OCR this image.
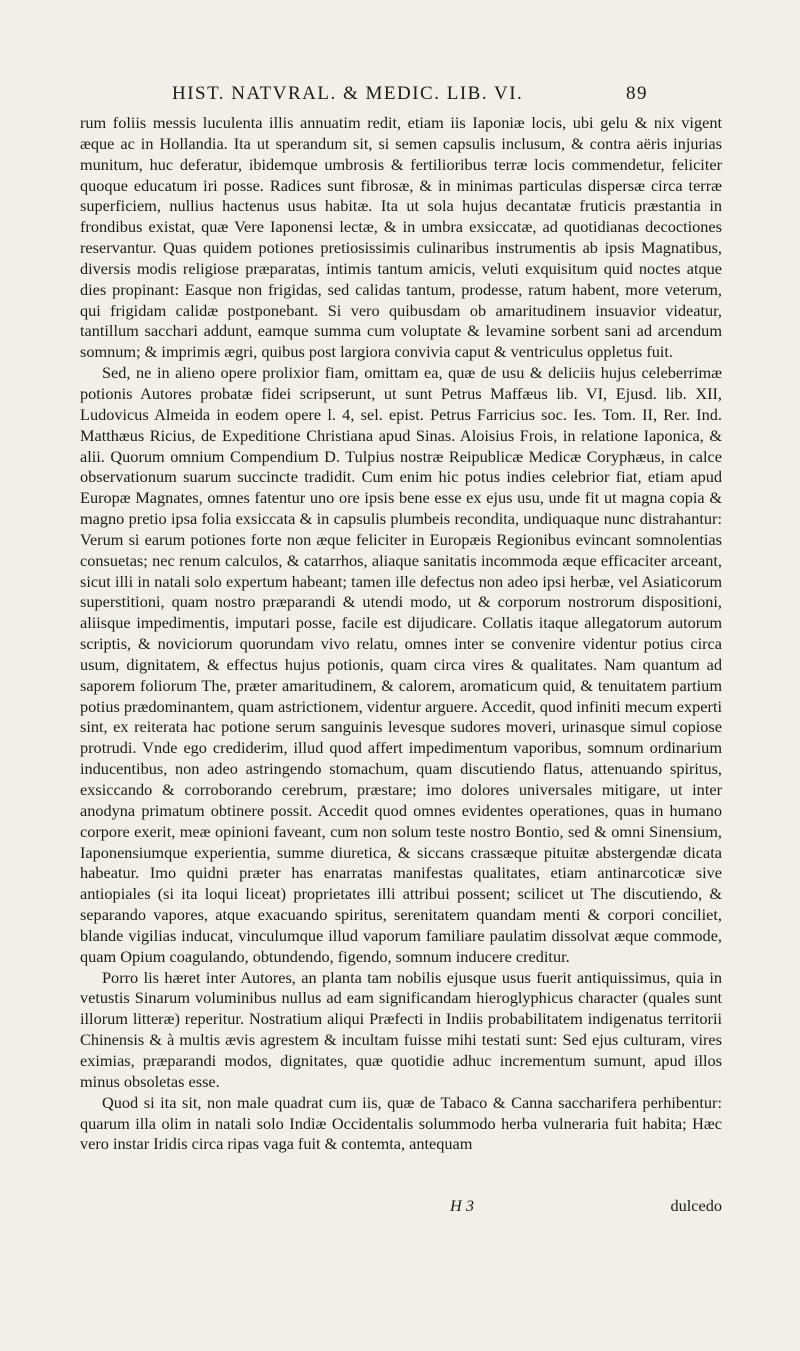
HIST. NATVRAL. & MEDIC. LIB. VI.	89

rum foliis messis luculenta illis annuatim redit, etiam iis Iaponiæ locis, ubi gelu & nix vigent æque ac in Hollandia. Ita ut sperandum sit, si semen capsulis inclusum, & contra aëris injurias munitum, huc deferatur, ibidemque umbrosis & fertilioribus terræ locis commendetur, feliciter quoque educatum iri posse. Radices sunt fibrosæ, & in minimas particulas dispersæ circa terræ superficiem, nullius hactenus usus habitæ. Ita ut sola hujus decantatæ fruticis præstantia in frondibus existat, quæ Vere Iaponensi lectæ, & in umbra exsiccatæ, ad quotidianas decoctiones reservantur. Quas quidem potiones pretiosissimis culinaribus instrumentis ab ipsis Magnatibus, diversis modis religiose præparatas, intimis tantum amicis, veluti exquisitum quid noctes atque dies propinant: Easque non frigidas, sed calidas tantum, prodesse, ratum habent, more veterum, qui frigidam calidæ postponebant. Si vero quibusdam ob amaritudinem insuavior videatur, tantillum sacchari addunt, eamque summa cum voluptate & levamine sorbent sani ad arcendum somnum; & imprimis ægri, quibus post largiora convivia caput & ventriculus oppletus fuit.

Sed, ne in alieno opere prolixior fiam, omittam ea, quæ de usu & deliciis hujus celeberrimæ potionis Autores probatæ fidei scripserunt, ut sunt Petrus Maffæus lib. VI, Ejusd. lib. XII, Ludovicus Almeida in eodem opere l. 4, sel. epist. Petrus Farricius soc. Ies. Tom. II, Rer. Ind. Matthæus Ricius, de Expeditione Christiana apud Sinas. Aloisius Frois, in relatione Iaponica, & alii. Quorum omnium Compendium D. Tulpius nostræ Reipublicæ Medicæ Coryphæus, in calce observationum suarum succincte tradidit. Cum enim hic potus indies celebrior fiat, etiam apud Europæ Magnates, omnes fatentur uno ore ipsis bene esse ex ejus usu, unde fit ut magna copia & magno pretio ipsa folia exsiccata & in capsulis plumbeis recondita, undiquaque nunc distrahantur: Verum si earum potiones forte non æque feliciter in Europæis Regionibus evincant somnolentias consuetas; nec renum calculos, & catarrhos, aliaque sanitatis incommoda æque efficaciter arceant, sicut illi in natali solo expertum habeant; tamen ille defectus non adeo ipsi herbæ, vel Asiaticorum superstitioni, quam nostro præparandi & utendi modo, ut & corporum nostrorum dispositioni, aliisque impedimentis, imputari posse, facile est dijudicare. Collatis itaque allegatorum autorum scriptis, & noviciorum quorundam vivo relatu, omnes inter se convenire videntur potius circa usum, dignitatem, & effectus hujus potionis, quam circa vires & qualitates. Nam quantum ad saporem foliorum The, præter amaritudinem, & calorem, aromaticum quid, & tenuitatem partium potius prædominantem, quam astrictionem, videntur arguere. Accedit, quod infiniti mecum experti sint, ex reiterata hac potione serum sanguinis levesque sudores moveri, urinasque simul copiose protrudi. Vnde ego crediderim, illud quod affert impedimentum vaporibus, somnum ordinarium inducentibus, non adeo astringendo stomachum, quam discutiendo flatus, attenuando spiritus, exsiccando & corroborando cerebrum, præstare; imo dolores universales mitigare, ut inter anodyna primatum obtinere possit. Accedit quod omnes evidentes operationes, quas in humano corpore exerit, meæ opinioni faveant, cum non solum teste nostro Bontio, sed & omni Sinensium, Iaponensiumque experientia, summe diuretica, & siccans crassæque pituitæ abstergendæ dicata habeatur. Imo quidni præter has enarratas manifestas qualitates, etiam antinarcoticæ sive antiopiales (si ita loqui liceat) proprietates illi attribui possent; scilicet ut The discutiendo, & separando vapores, atque exacuando spiritus, serenitatem quandam menti & corpori conciliet, blande vigilias inducat, vinculumque illud vaporum familiare paulatim dissolvat æque commode, quam Opium coagulando, obtundendo, figendo, somnum inducere creditur.

Porro lis hæret inter Autores, an planta tam nobilis ejusque usus fuerit antiquissimus, quia in vetustis Sinarum voluminibus nullus ad eam significandam hieroglyphicus character (quales sunt illorum litteræ) reperitur. Nostratium aliqui Præfecti in Indiis probabilitatem indigenatus territorii Chinensis & à multis ævis agrestem & incultam fuisse mihi testati sunt: Sed ejus culturam, vires eximias, præparandi modos, dignitates, quæ quotidie adhuc incrementum sumunt, apud illos minus obsoletas esse.

Quod si ita sit, non male quadrat cum iis, quæ de Tabaco & Canna saccharifera perhibentur: quarum illa olim in natali solo Indiæ Occidentalis solummodo herba vulneraria fuit habita; Hæc vero instar Iridis circa ripas vaga fuit & contemta, antequam

H 3	dulcedo
